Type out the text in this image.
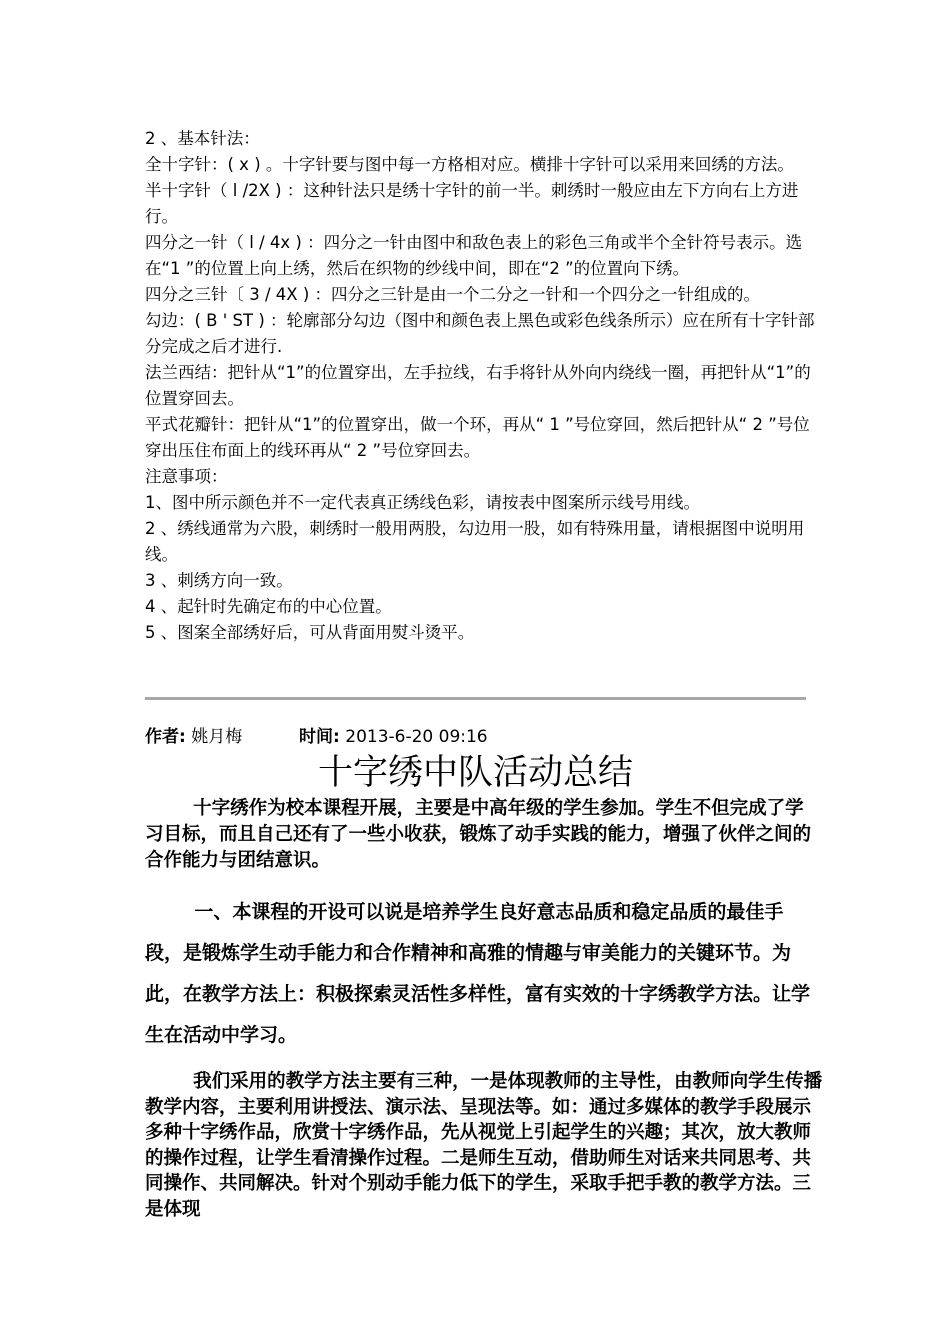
2 、基本针法：

全十字针：( x ) 。十字针要与图中每一方格相对应。横排十字针可以采用来回绣的方法。

半十字针（ l /2X ) ：这种针法只是绣十字针的前一半。刺绣时一般应由左下方向右上方进行。

四分之一针（ l / 4x ) ：四分之一针由图中和敌色表上的彩色三角或半个全针符号表示。选在“1 ”的位置上向上绣，然后在织物的纱线中间，即在“2 ”的位置向下绣。

四分之三针〔 3 / 4X ) ：四分之三针是由一个二分之一针和一个四分之一针组成的。

勾边：( B ' ST ) ：轮廓部分勾边（图中和颜色表上黑色或彩色线条所示）应在所有十字针部分完成之后才进行.

法兰西结：把针从“1”的位置穿出，左手拉线，右手将针从外向内绕线一圈，再把针从“1”的位置穿回去。

平式花瓣针：把针从“1”的位置穿出，做一个环，再从“ 1 ”号位穿回，然后把针从“ 2 ”号位穿出压住布面上的线环再从“ 2 ”号位穿回去。

注意事项：

1、图中所示颜色并不一定代表真正绣线色彩，请按表中图案所示线号用线。

2 、绣线通常为六股，刺绣时一般用两股，勾边用一股，如有特殊用量，请根据图中说明用线。

3 、刺绣方向一致。

4 、起针时先确定布的中心位置。

5 、图案全部绣好后，可从背面用熨斗烫平。

作者: 姚月梅	时间: 2013-6-20 09:16
十字绣中队活动总结

十字绣作为校本课程开展，主要是中高年级的学生参加。学生不但完成了学习目标，而且自己还有了一些小收获，锻炼了动手实践的能力，增强了伙伴之间的合作能力与团结意识。

一、本课程的开设可以说是培养学生良好意志品质和稳定品质的最佳手段，是锻炼学生动手能力和合作精神和高雅的情趣与审美能力的关键环节。为此，在教学方法上：积极探索灵活性多样性，富有实效的十字绣教学方法。让学生在活动中学习。

我们采用的教学方法主要有三种，一是体现教师的主导性，由教师向学生传播教学内容，主要利用讲授法、演示法、呈现法等。如：通过多媒体的教学手段展示多种十字绣作品，欣赏十字绣作品，先从视觉上引起学生的兴趣；其次，放大教师的操作过程，让学生看清操作过程。二是师生互动，借助师生对话来共同思考、共同操作、共同解决。针对个别动手能力低下的学生，采取手把手教的教学方法。三是体现
